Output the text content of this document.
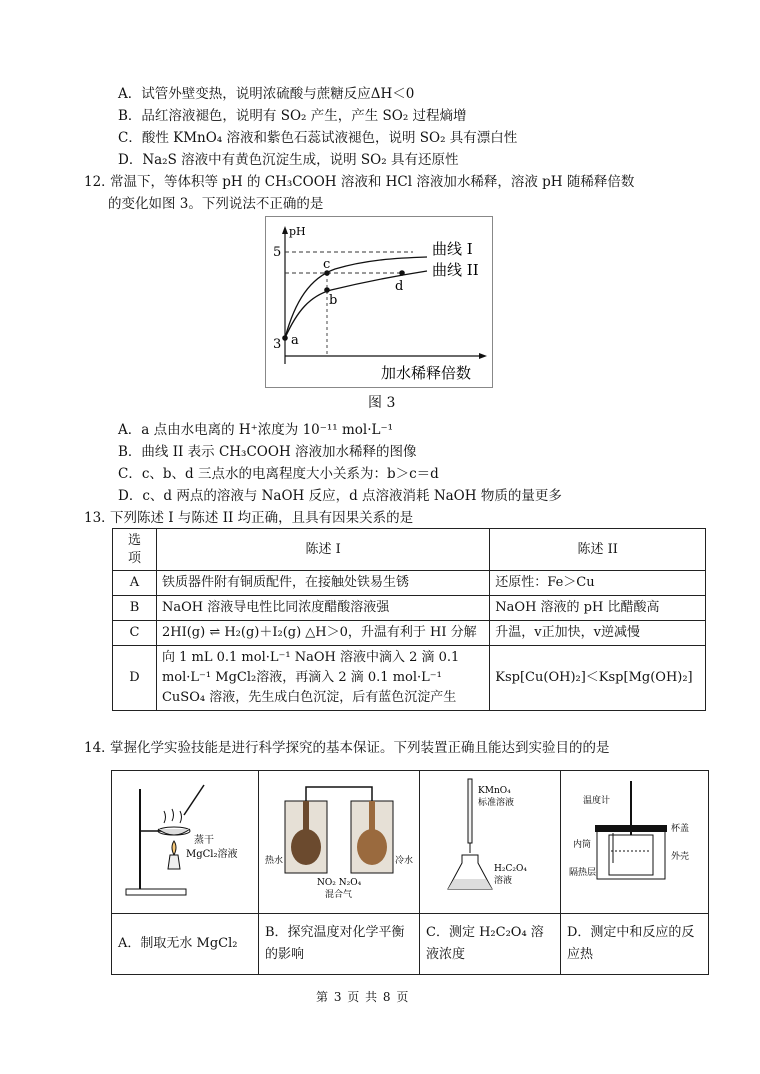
A．试管外壁变热，说明浓硫酸与蔗糖反应ΔH＜0
B．品红溶液褪色，说明有 SO₂ 产生，产生 SO₂ 过程熵增
C．酸性 KMnO₄ 溶液和紫色石蕊试液褪色，说明 SO₂ 具有漂白性
D．Na₂S 溶液中有黄色沉淀生成，说明 SO₂ 具有还原性
12．
常温下，等体积等 pH 的 CH₃COOH 溶液和 HCl 溶液加水稀释，溶液 pH 随稀释倍数
的变化如图 3。下列说法不正确的是
pH
5
3 a
b
c
d
曲线 I
曲线 II
加水稀释倍数
图 3
A．a 点由水电离的 H⁺浓度为 10⁻¹¹ mol·L⁻¹
B．曲线 II 表示 CH₃COOH 溶液加水稀释的图像
C．c、b、d 三点水的电离程度大小关系为：b＞c＝d
D．c、d 两点的溶液与 NaOH 反应，d 点溶液消耗 NaOH 物质的量更多
13．
下列陈述 I 与陈述 II 均正确，且具有因果关系的是
选项	陈述 I	陈述 II
A	铁质器件附有铜质配件，在接触处铁易生锈	还原性：Fe＞Cu
B	NaOH 溶液导电性比同浓度醋酸溶液强	NaOH 溶液的 pH 比醋酸高
C	2HI(g) ⇌ H₂(g)＋I₂(g) △H＞0，升温有利于 HI 分解	升温，v正加快，v逆减慢
D	向 1 mL 0.1 mol·L⁻¹ NaOH 溶液中滴入 2 滴 0.1 mol·L⁻¹ MgCl₂溶液，再滴入 2 滴 0.1 mol·L⁻¹ CuSO₄ 溶液，先生成白色沉淀，后有蓝色沉淀产生	Ksp[Cu(OH)₂]＜Ksp[Mg(OH)₂]
14．
掌握化学实验技能是进行科学探究的基本保证。下列装置正确且能达到实验目的的是
蒸干
MgCl₂溶液	热水 冷水
NO₂ N₂O₄
混合气	KMnO₄
标准溶液
H₂C₂O₄
溶液	温度计
杯盖
内筒
外壳
隔热层

A．制取无水 MgCl₂	B．探究温度对化学平衡的影响	C．测定 H₂C₂O₄ 溶液浓度	D．测定中和反应的反应热
第 3 页 共 8 页
